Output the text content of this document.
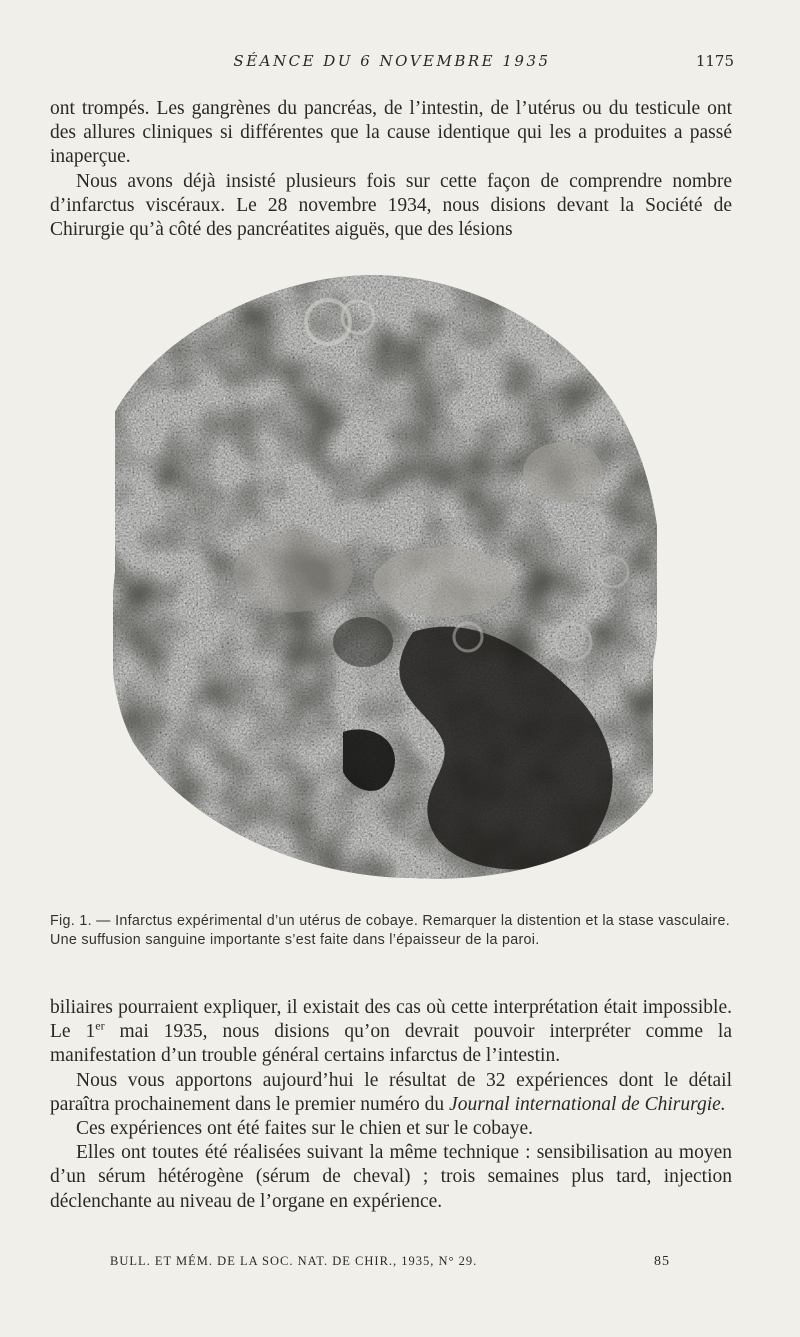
SÉANCE DU 6 NOVEMBRE 1935	1175

ont trompés. Les gangrènes du pancréas, de l’intestin, de l’utérus ou du testicule ont des allures cliniques si différentes que la cause identique qui les a produites a passé inaperçue.

Nous avons déjà insisté plusieurs fois sur cette façon de comprendre nombre d’infarctus viscéraux. Le 28 novembre 1934, nous disions devant la Société de Chirurgie qu’à côté des pancréatites aiguës, que des lésions

Fig. 1. — Infarctus expérimental d’un utérus de cobaye. Remarquer la distention et la stase vasculaire. Une suffusion sanguine importante s’est faite dans l’épaisseur de la paroi.

biliaires pourraient expliquer, il existait des cas où cette interprétation était impossible. Le 1er mai 1935, nous disions qu’on devrait pouvoir interpréter comme la manifestation d’un trouble général certains infarctus de l’intestin.

Nous vous apportons aujourd’hui le résultat de 32 expériences dont le détail paraîtra prochainement dans le premier numéro du Journal international de Chirurgie.

Ces expériences ont été faites sur le chien et sur le cobaye.

Elles ont toutes été réalisées suivant la même technique : sensibilisation au moyen d’un sérum hétérogène (sérum de cheval) ; trois semaines plus tard, injection déclenchante au niveau de l’organe en expérience.

BULL. ET MÉM. DE LA SOC. NAT. DE CHIR., 1935, N° 29.	85
